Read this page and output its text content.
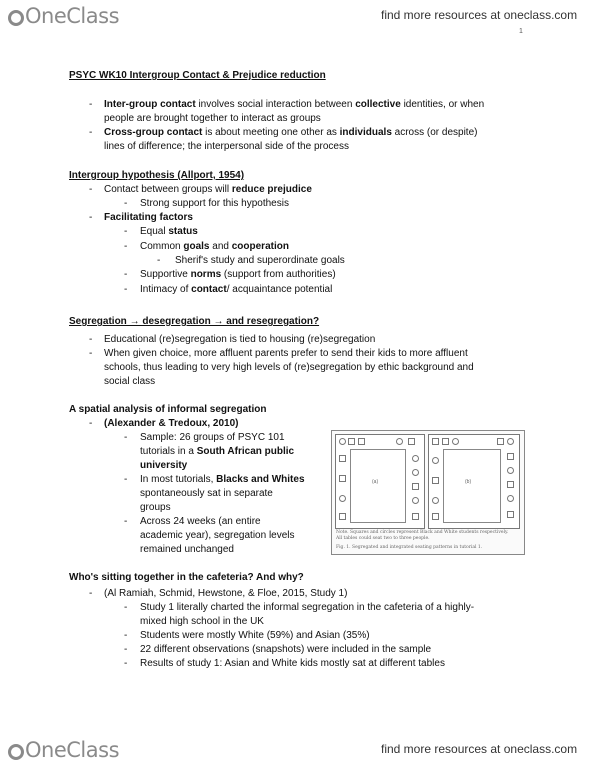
OneClass	find more resources at oneclass.com
1
PSYC WK10 Intergroup Contact & Prejudice reduction
- Inter-group contact involves social interaction between collective identities, or when
people are brought together to interact as groups
- Cross-group contact is about meeting one other as individuals across (or despite)
lines of difference; the interpersonal side of the process
Intergroup hypothesis (Allport, 1954)
- Contact between groups will reduce prejudice
- Strong support for this hypothesis
- Facilitating factors
- Equal status
- Common goals and cooperation
- Sherif's study and superordinate goals
- Supportive norms (support from authorities)
- Intimacy of contact/ acquaintance potential
Segregation → desegregation → and resegregation?
- Educational (re)segregation is tied to housing (re)segregation
- When given choice, more affluent parents prefer to send their kids to more affluent
schools, thus leading to very high levels of (re)segregation by ethic background and
social class
A spatial analysis of informal segregation
- (Alexander & Tredoux, 2010)
- Sample: 26 groups of PSYC 101
tutorials in a South African public
university
- In most tutorials, Blacks and Whites
spontaneously sat in separate
groups
- Across 24 weeks (an entire
academic year), segregation levels
remained unchanged
(a)	(b)
Note. Squares and circles represent Black and White students respectively.
All tables could seat two to three people.
Fig. 1. Segregated and integrated seating patterns in tutorial 1.
Who's sitting together in the cafeteria? And why?
- (Al Ramiah, Schmid, Hewstone, & Floe, 2015, Study 1)
- Study 1 literally charted the informal segregation in the cafeteria of a highly-
mixed high school in the UK
- Students were mostly White (59%) and Asian (35%)
- 22 different observations (snapshots) were included in the sample
- Results of study 1: Asian and White kids mostly sat at different tables
OneClass	find more resources at oneclass.com
